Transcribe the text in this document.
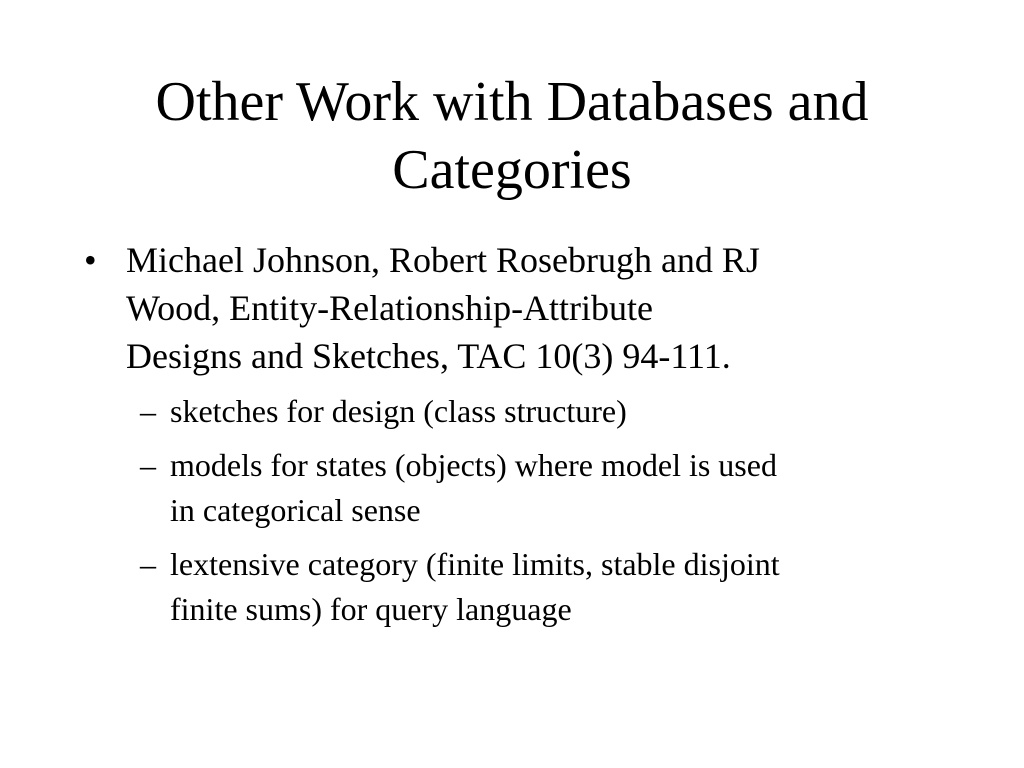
Other Work with Databases and
Categories
• Michael Johnson, Robert Rosebrugh and RJ
Wood, Entity-Relationship-Attribute
Designs and Sketches, TAC 10(3) 94-111.
– sketches for design (class structure)
– models for states (objects) where model is used
in categorical sense
– lextensive category (finite limits, stable disjoint
finite sums) for query language
